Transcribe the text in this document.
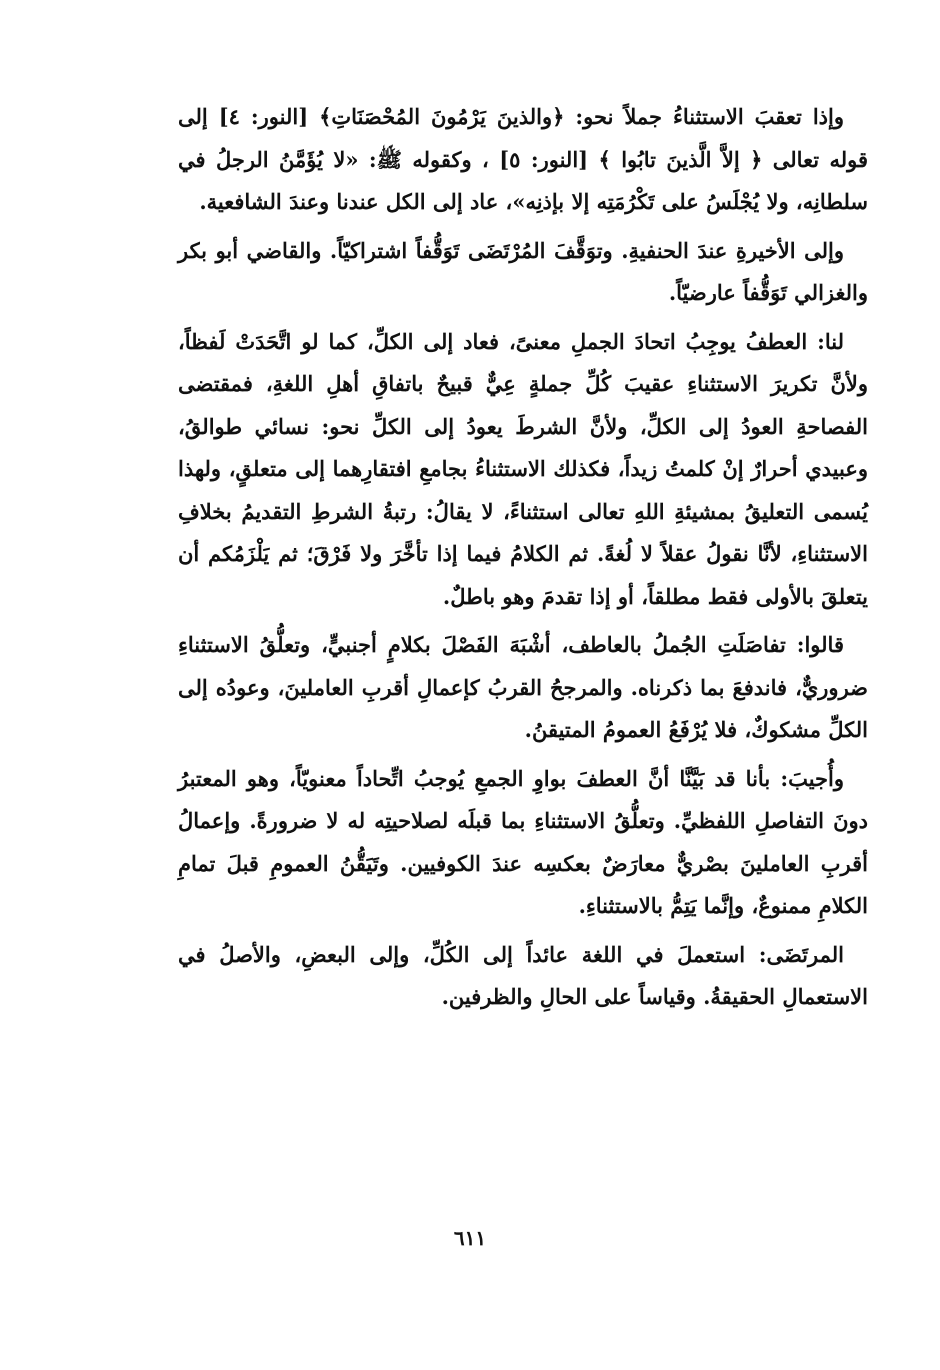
وإذا تعقبَ الاستثناءُ جملاً نحو: ﴿والذينَ يَرْمُونَ المُحْصَنَاتِ﴾ [النور: ٤] إلى قوله تعالى ﴿ إلاَّ الَّذينَ تابُوا ﴾ [النور: ٥] ، وكقوله ﷺ: «لا يُؤَمَّنُ الرجلُ في سلطانِه، ولا يُجْلَسُ على تَكْرُمَتِه إلا بإذنِه»، عاد إلى الكل عندنا وعندَ الشافعية.

وإلى الأخيرةِ عندَ الحنفيةِ. وتوَقَّفَ المُرْتَضَى تَوَقُّفاً اشتراكيّاً. والقاضي أبو بكر والغزالي تَوَقُّفاً عارضيّاً.

لنا: العطفُ يوجِبُ اتحادَ الجملِ معنىً، فعاد إلى الكلِّ، كما لو اتَّحَدَتْ لَفظاً، ولأنَّ تكريرَ الاستثناءِ عقيبَ كُلِّ جملةٍ عِيٌّ قبيحٌ باتفاقِ أهلِ اللغةِ، فمقتضى الفصاحةِ العودُ إلى الكلِّ، ولأنَّ الشرطَ يعودُ إلى الكلِّ نحو: نسائي طوالقُ، وعبيدي أحرارٌ إنْ كلمتُ زيداً، فكذلك الاستثناءُ بجامعِ افتقارِهما إلى متعلقٍ، ولهذا يُسمى التعليقُ بمشيئةِ اللهِ تعالى استثناءً، لا يقالُ: رتبةُ الشرطِ التقديمُ بخلافِ الاستثناءِ، لأنَّا نقولُ عقلاً لا لُغةً. ثم الكلامُ فيما إذا تأخَّرَ ولا فَرْقَ؛ ثم يَلْزَمُكم أن يتعلقَ بالأولى فقط مطلقاً، أو إذا تقدمَ وهو باطلٌ.

قالوا: تفاصَلَتِ الجُملُ بالعاطف، أشْبَهَ الفَصْلَ بكلامٍ أجنبيٍّ، وتعلُّقُ الاستثناءِ ضروريٌّ، فاندفعَ بما ذكرناه. والمرجحُ القربُ كإعمالِ أقربِ العاملينَ، وعودُه إلى الكلِّ مشكوكٌ، فلا يُرْفَعُ العمومُ المتيقنُ.

وأُجيبَ: بأنا قد بَيَّنَّا أنَّ العطفَ بواوِ الجمعِ يُوجبُ اتِّحاداً معنويّاً، وهو المعتبرُ دونَ التفاصلِ اللفظيِّ. وتعلُّقُ الاستثناءِ بما قبلَه لصلاحيتِه له لا ضرورةً. وإعمالُ أقربِ العاملينَ بصْريٌّ معارَضٌ بعكسِه عندَ الكوفيين. وتَيَقُّنُ العمومِ قبلَ تمامِ الكلامِ ممنوعٌ، وإنَّما يَتِمُّ بالاستثناءِ.

المرتَضَى: استعملَ في اللغة عائداً إلى الكُلِّ، وإلى البعضِ، والأصلُ في الاستعمالِ الحقيقةُ. وقياساً على الحالِ والظرفين.

٦١١
